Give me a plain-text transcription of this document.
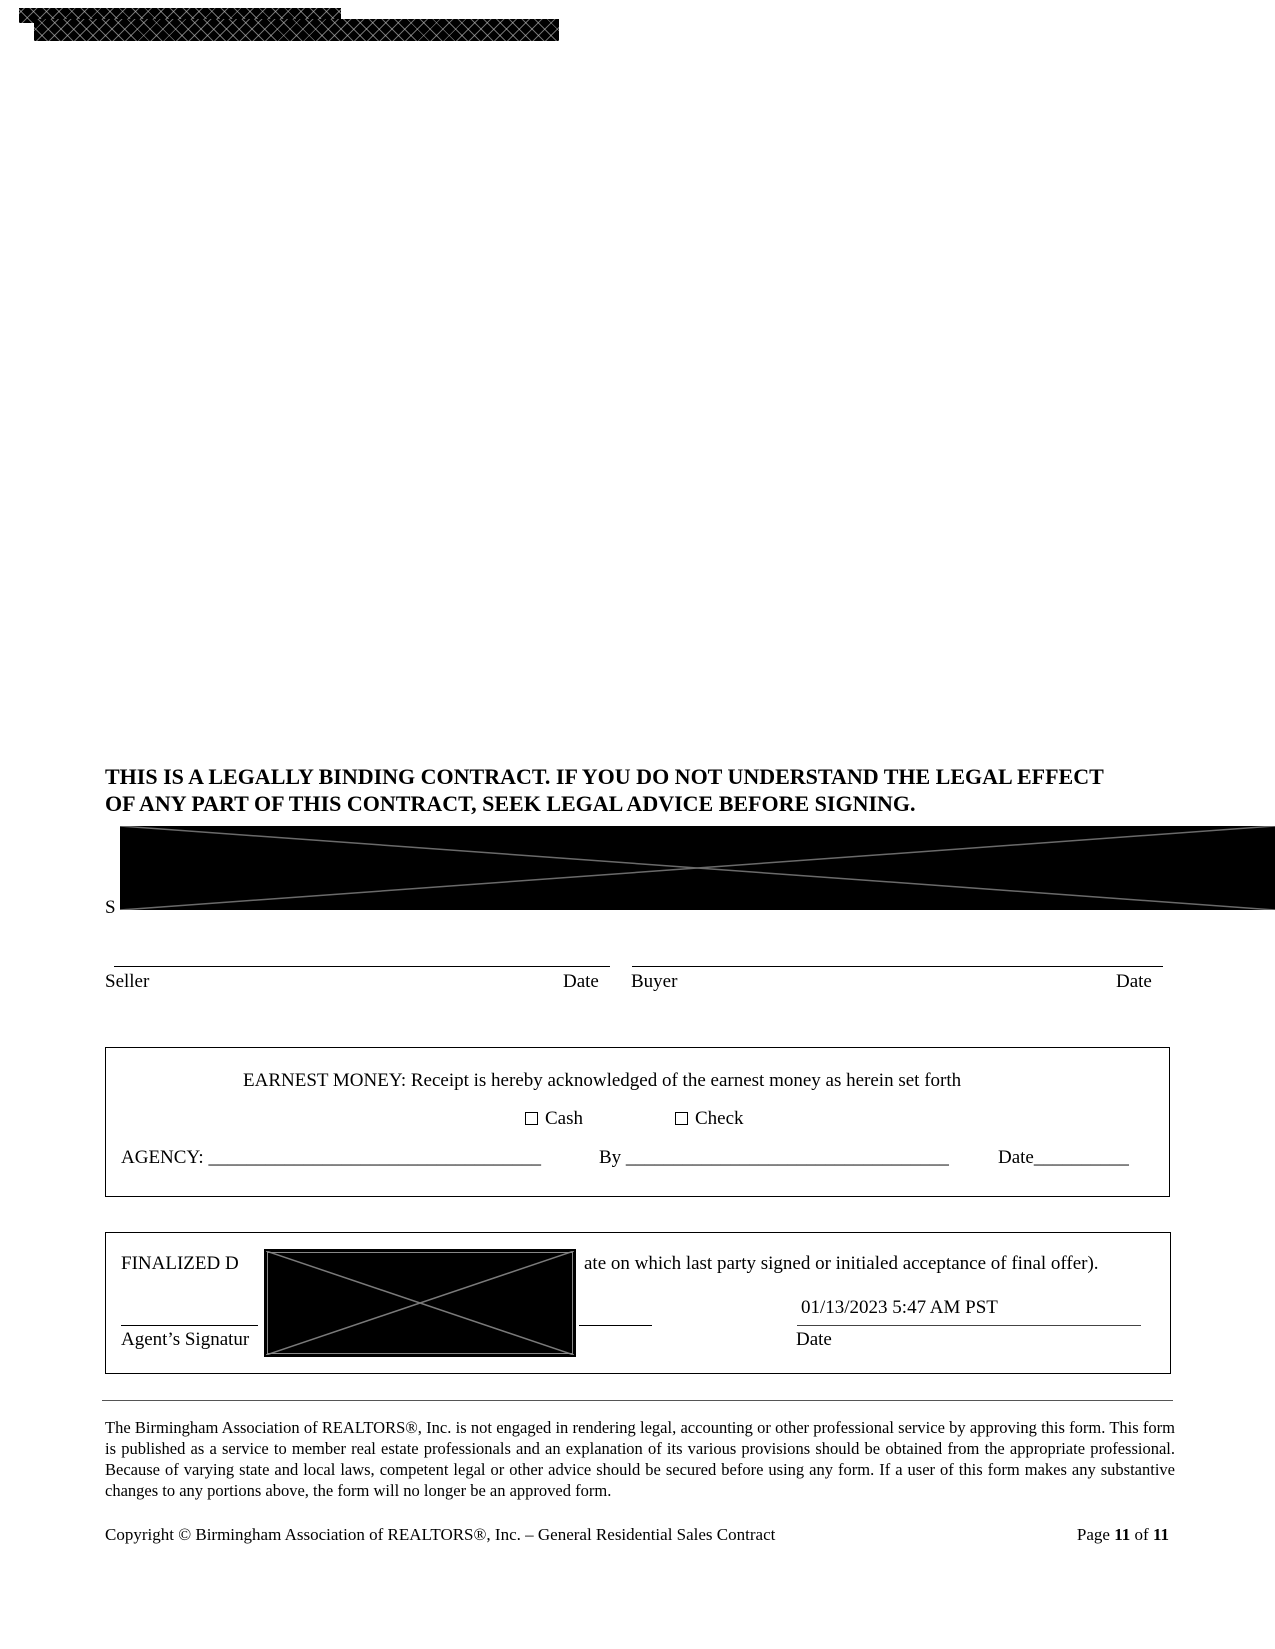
THIS IS A LEGALLY BINDING CONTRACT. IF YOU DO NOT UNDERSTAND THE LEGAL EFFECT
OF ANY PART OF THIS CONTRACT, SEEK LEGAL ADVICE BEFORE SIGNING.
S
Seller	Date Buyer	Date
EARNEST MONEY: Receipt is hereby acknowledged of the earnest money as herein set forth
Cash	Check
AGENCY: ___________________________________	By __________________________________	Date__________
FINALIZED D	ate on which last party signed or initialed acceptance of final offer).
01/13/2023 5:47 AM PST
Agent’s Signatur	Date
The Birmingham Association of REALTORS®, Inc. is not engaged in rendering legal, accounting or other professional service by approving this form. This form is published as a service to member real estate professionals and an explanation of its various provisions should be obtained from the appropriate professional. Because of varying state and local laws, competent legal or other advice should be secured before using any form. If a user of this form makes any substantive changes to any portions above, the form will no longer be an approved form.
Copyright © Birmingham Association of REALTORS®, Inc. – General Residential Sales Contract	Page 11 of 11
